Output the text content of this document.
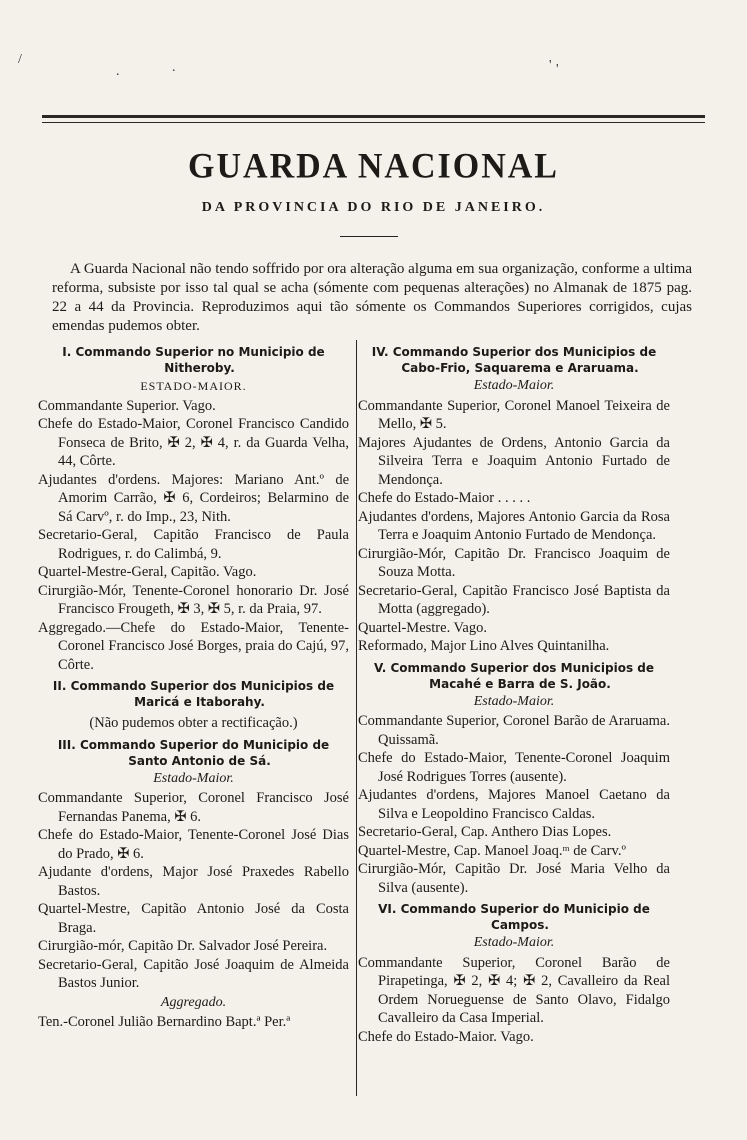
/
.	' '
.
GUARDA NACIONAL
DA PROVINCIA DO RIO DE JANEIRO.

A Guarda Nacional não tendo soffrido por ora alteração alguma em sua organização, conforme a ultima reforma, subsiste por isso tal qual se acha (sómente com pequenas alterações) no Almanak de 1875 pag. 22 a 44 da Provincia. Reproduzimos aqui tão sómente os Commandos Superiores corrigidos, cujas emendas pudemos obter.

I. Commando Superior no Municipio de Nitheroby.
ESTADO-MAIOR.

Commandante Superior. Vago.

Chefe do Estado-Maior, Coronel Francisco Candido Fonseca de Brito, ✠ 2, ✠ 4, r. da Guarda Velha, 44, Côrte.

Ajudantes d'ordens. Majores: Mariano Ant.º de Amorim Carrão, ✠ 6, Cordeiros; Belarmino de Sá Carvº, r. do Imp., 23, Nith.

Secretario-Geral, Capitão Francisco de Paula Rodrigues, r. do Calimbá, 9.

Quartel-Mestre-Geral, Capitão. Vago.

Cirurgião-Mór, Tenente-Coronel honorario Dr. José Francisco Frougeth, ✠ 3, ✠ 5, r. da Praia, 97.

Aggregado.—Chefe do Estado-Maior, Tenente-Coronel Francisco José Borges, praia do Cajú, 97, Côrte.

II. Commando Superior dos Municipios de Maricá e Itaborahy.
(Não pudemos obter a rectificação.)
III. Commando Superior do Municipio de Santo Antonio de Sá.
Estado-Maior.

Commandante Superior, Coronel Francisco José Fernandas Panema, ✠ 6.

Chefe do Estado-Maior, Tenente-Coronel José Dias do Prado, ✠ 6.

Ajudante d'ordens, Major José Praxedes Rabello Bastos.

Quartel-Mestre, Capitão Antonio José da Costa Braga.

Cirurgião-mór, Capitão Dr. Salvador José Pereira.

Secretario-Geral, Capitão José Joaquim de Almeida Bastos Junior.

Aggregado.

Ten.-Coronel Julião Bernardino Bapt.ª Per.ª

IV. Commando Superior dos Municipios de Cabo-Frio, Saquarema e Araruama.
Estado-Maior.

Commandante Superior, Coronel Manoel Teixeira de Mello, ✠ 5.

Majores Ajudantes de Ordens, Antonio Garcia da Silveira Terra e Joaquim Antonio Furtado de Mendonça.

Chefe do Estado-Maior . . . . .

Ajudantes d'ordens, Majores Antonio Garcia da Rosa Terra e Joaquim Antonio Furtado de Mendonça.

Cirurgião-Mór, Capitão Dr. Francisco Joaquim de Souza Motta.

Secretario-Geral, Capitão Francisco José Baptista da Motta (aggregado).

Quartel-Mestre. Vago.

Reformado, Major Lino Alves Quintanilha.

V. Commando Superior dos Municipios de Macahé e Barra de S. João.
Estado-Maior.

Commandante Superior, Coronel Barão de Araruama. Quissamã.

Chefe do Estado-Maior, Tenente-Coronel Joaquim José Rodrigues Torres (ausente).

Ajudantes d'ordens, Majores Manoel Caetano da Silva e Leopoldino Francisco Caldas.

Secretario-Geral, Cap. Anthero Dias Lopes.

Quartel-Mestre, Cap. Manoel Joaq.ᵐ de Carv.º

Cirurgião-Mór, Capitão Dr. José Maria Velho da Silva (ausente).

VI. Commando Superior do Municipio de Campos.
Estado-Maior.

Commandante Superior, Coronel Barão de Pirapetinga, ✠ 2, ✠ 4; ✠ 2, Cavalleiro da Real Ordem Norueguense de Santo Olavo, Fidalgo Cavalleiro da Casa Imperial.

Chefe do Estado-Maior. Vago.
